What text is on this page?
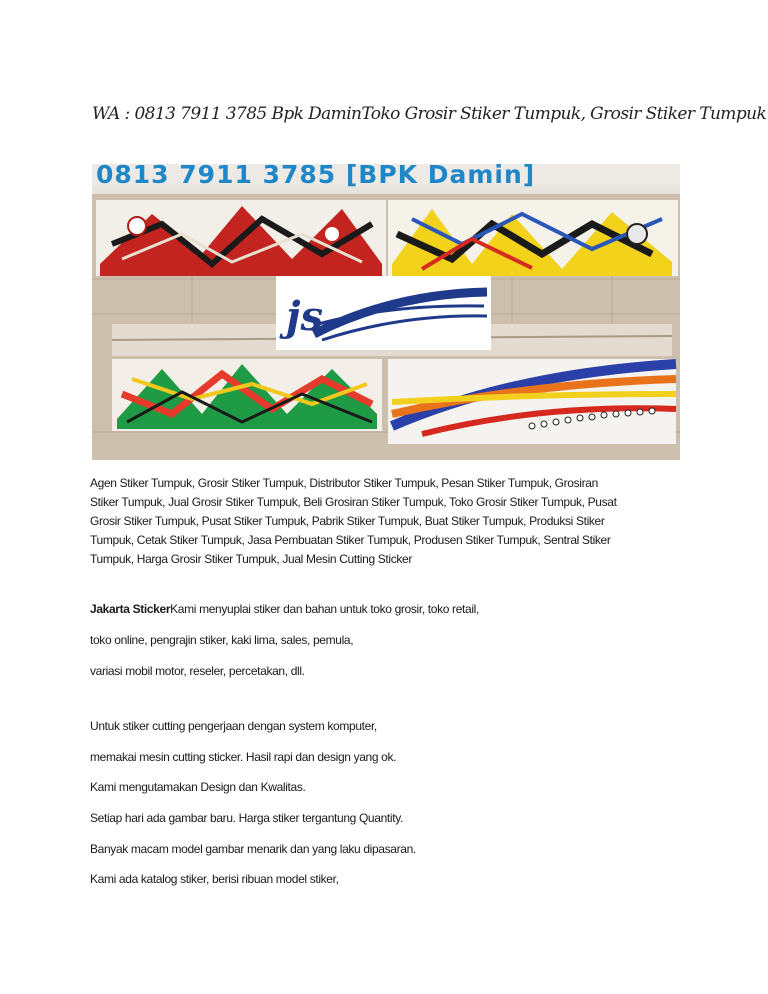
WA : 0813 7911 3785 Bpk DaminToko Grosir Stiker Tumpuk, Grosir Stiker Tumpuk
0813 7911 3785 [BPK Damin]
js
Agen Stiker Tumpuk, Grosir Stiker Tumpuk, Distributor Stiker Tumpuk, Pesan Stiker Tumpuk, Grosiran
Stiker Tumpuk, Jual Grosir Stiker Tumpuk, Beli Grosiran Stiker Tumpuk, Toko Grosir Stiker Tumpuk, Pusat
Grosir Stiker Tumpuk, Pusat Stiker Tumpuk, Pabrik Stiker Tumpuk, Buat Stiker Tumpuk, Produksi Stiker
Tumpuk, Cetak Stiker Tumpuk, Jasa Pembuatan Stiker Tumpuk, Produsen Stiker Tumpuk, Sentral Stiker
Tumpuk, Harga Grosir Stiker Tumpuk, Jual Mesin Cutting Sticker
Jakarta StickerKami menyuplai stiker dan bahan untuk toko grosir, toko retail,
toko online, pengrajin stiker, kaki lima, sales, pemula,
variasi mobil motor, reseler, percetakan, dll.
Untuk stiker cutting pengerjaan dengan system komputer,
memakai mesin cutting sticker. Hasil rapi dan design yang ok.
Kami mengutamakan Design dan Kwalitas.
Setiap hari ada gambar baru. Harga stiker tergantung Quantity.
Banyak macam model gambar menarik dan yang laku dipasaran.
Kami ada katalog stiker, berisi ribuan model stiker,
